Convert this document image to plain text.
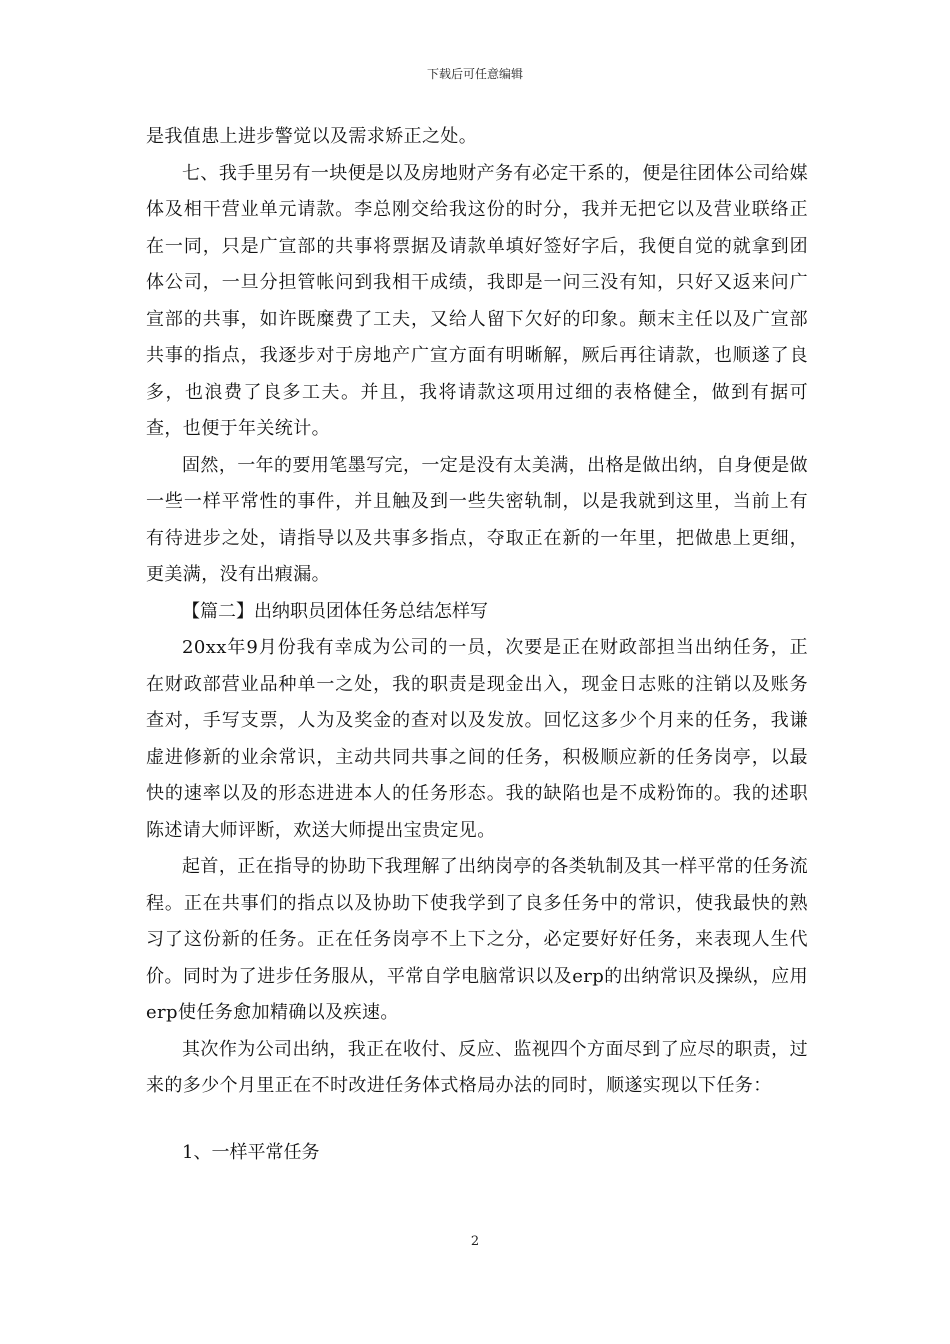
下载后可任意编辑

是我值患上进步警觉以及需求矫正之处。

七、我手里另有一块便是以及房地财产务有必定干系的，便是往团体公司给媒体及相干营业单元请款。李总刚交给我这份的时分，我并无把它以及营业联络正在一同，只是广宣部的共事将票据及请款单填好签好字后，我便自觉的就拿到团体公司，一旦分担管帐问到我相干成绩，我即是一问三没有知，只好又返来问广宣部的共事，如许既糜费了工夫，又给人留下欠好的印象。颠末主任以及广宣部共事的指点，我逐步对于房地产广宣方面有明晰解，厥后再往请款，也顺遂了良多，也浪费了良多工夫。并且，我将请款这项用过细的表格健全，做到有据可查，也便于年关统计。

固然，一年的要用笔墨写完，一定是没有太美满，出格是做出纳，自身便是做一些一样平常性的事件，并且触及到一些失密轨制，以是我就到这里，当前上有有待进步之处，请指导以及共事多指点，夺取正在新的一年里，把做患上更细，更美满，没有出瘕漏。

【篇二】出纳职员团体任务总结怎样写

20xx年9月份我有幸成为公司的一员，次要是正在财政部担当出纳任务，正在财政部营业品种单一之处，我的职责是现金出入，现金日志账的注销以及账务查对，手写支票，人为及奖金的查对以及发放。回忆这多少个月来的任务，我谦虚进修新的业余常识，主动共同共事之间的任务，积极顺应新的任务岗亭，以最快的速率以及的形态进进本人的任务形态。我的缺陷也是不成粉饰的。我的述职陈述请大师评断，欢送大师提出宝贵定见。

起首，正在指导的协助下我理解了出纳岗亭的各类轨制及其一样平常的任务流程。正在共事们的指点以及协助下使我学到了良多任务中的常识，使我最快的熟习了这份新的任务。正在任务岗亭不上下之分，必定要好好任务，来表现人生代价。同时为了进步任务服从，平常自学电脑常识以及erp的出纳常识及操纵，应用erp使任务愈加精确以及疾速。

其次作为公司出纳，我正在收付、反应、监视四个方面尽到了应尽的职责，过来的多少个月里正在不时改进任务体式格局办法的同时，顺遂实现以下任务：

1、一样平常任务

2
